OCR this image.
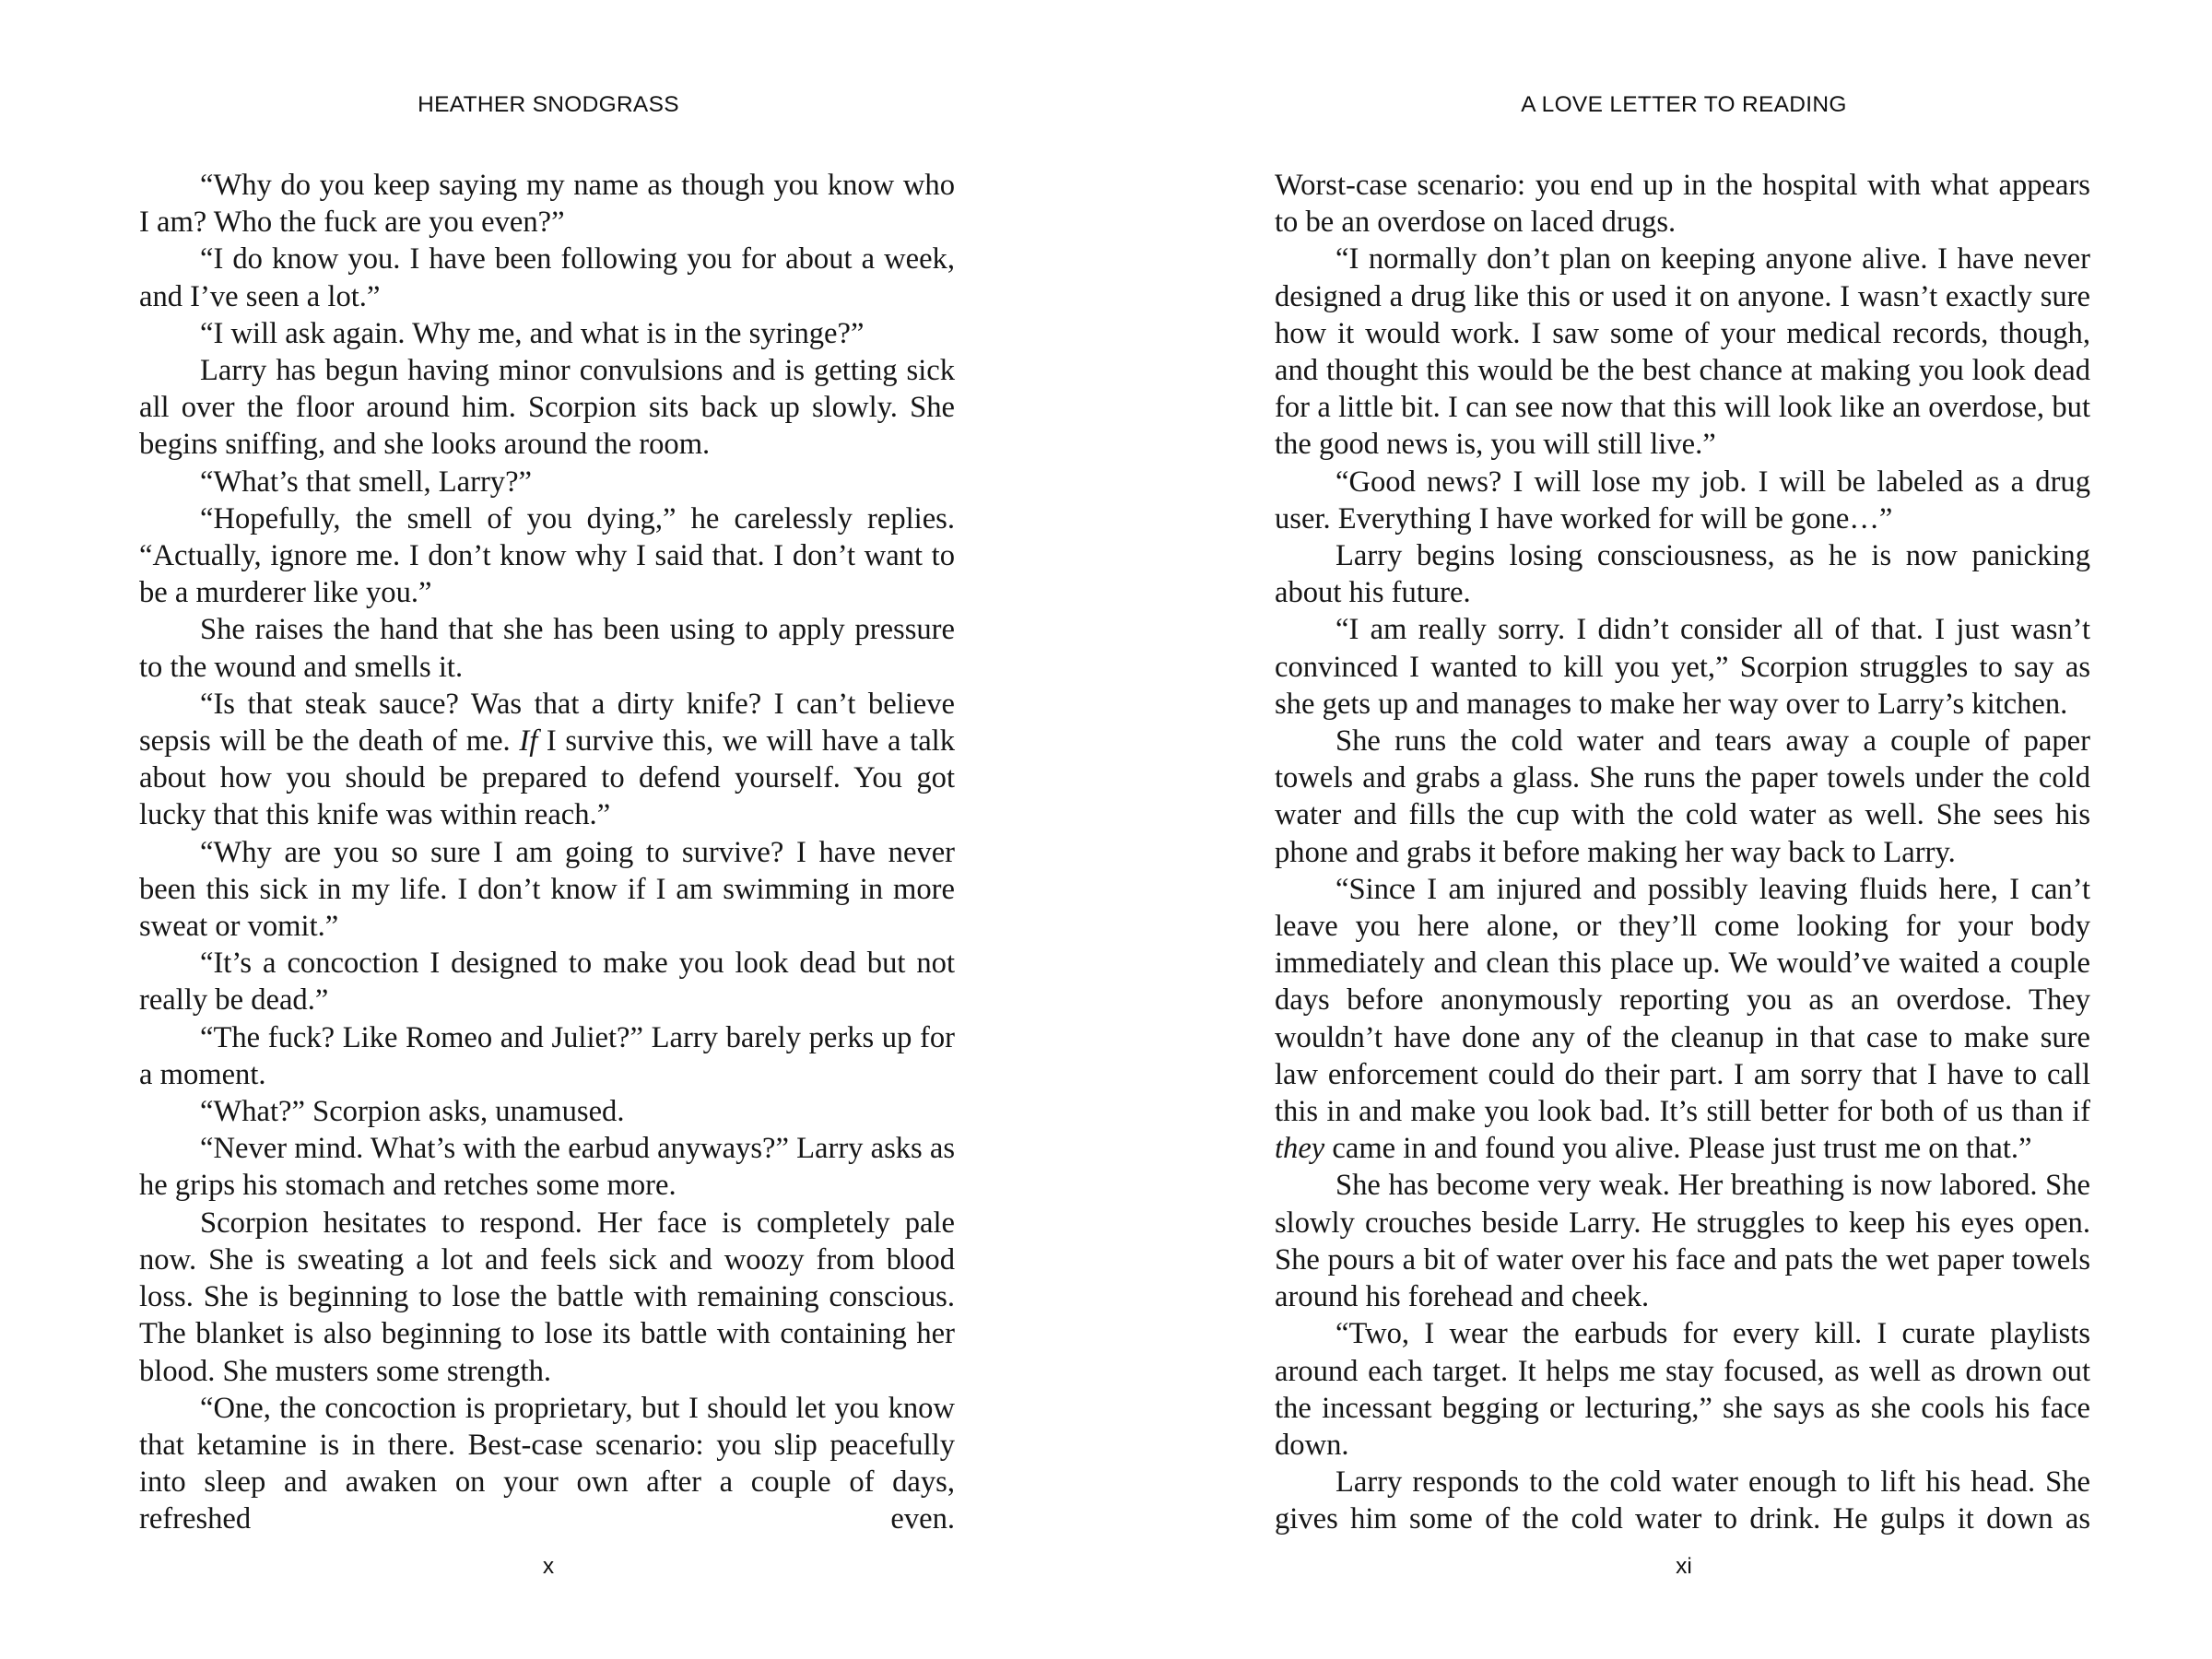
HEATHER SNODGRASS

“Why do you keep saying my name as though you know who I am? Who the fuck are you even?”

“I do know you. I have been following you for about a week, and I’ve seen a lot.”

“I will ask again. Why me, and what is in the syringe?”

Larry has begun having minor convulsions and is getting sick all over the floor around him. Scorpion sits back up slowly. She begins sniffing, and she looks around the room.

“What’s that smell, Larry?”

“Hopefully, the smell of you dying,” he carelessly replies. “Actually, ignore me. I don’t know why I said that. I don’t want to be a murderer like you.”

She raises the hand that she has been using to apply pressure to the wound and smells it.

“Is that steak sauce? Was that a dirty knife? I can’t believe sepsis will be the death of me. If I survive this, we will have a talk about how you should be prepared to defend yourself. You got lucky that this knife was within reach.”

“Why are you so sure I am going to survive? I have never been this sick in my life. I don’t know if I am swimming in more sweat or vomit.”

“It’s a concoction I designed to make you look dead but not really be dead.”

“The fuck? Like Romeo and Juliet?” Larry barely perks up for a moment.

“What?” Scorpion asks, unamused.

“Never mind. What’s with the earbud anyways?” Larry asks as he grips his stomach and retches some more.

Scorpion hesitates to respond. Her face is completely pale now. She is sweating a lot and feels sick and woozy from blood loss. She is beginning to lose the battle with remaining conscious. The blanket is also beginning to lose its battle with containing her blood. She musters some strength.

“One, the concoction is proprietary, but I should let you know that ketamine is in there. Best-case scenario: you slip peacefully into sleep and awaken on your own after a couple of days, refreshed even.

x
A LOVE LETTER TO READING

Worst-case scenario: you end up in the hospital with what appears to be an overdose on laced drugs.

“I normally don’t plan on keeping anyone alive. I have never designed a drug like this or used it on anyone. I wasn’t exactly sure how it would work. I saw some of your medical records, though, and thought this would be the best chance at making you look dead for a little bit. I can see now that this will look like an overdose, but the good news is, you will still live.”

“Good news? I will lose my job. I will be labeled as a drug user. Everything I have worked for will be gone…”

Larry begins losing consciousness, as he is now panicking about his future.

“I am really sorry. I didn’t consider all of that. I just wasn’t convinced I wanted to kill you yet,” Scorpion struggles to say as she gets up and manages to make her way over to Larry’s kitchen.

She runs the cold water and tears away a couple of paper towels and grabs a glass. She runs the paper towels under the cold water and fills the cup with the cold water as well. She sees his phone and grabs it before making her way back to Larry.

“Since I am injured and possibly leaving fluids here, I can’t leave you here alone, or they’ll come looking for your body immediately and clean this place up. We would’ve waited a couple days before anonymously reporting you as an overdose. They wouldn’t have done any of the cleanup in that case to make sure law enforcement could do their part. I am sorry that I have to call this in and make you look bad. It’s still better for both of us than if they came in and found you alive. Please just trust me on that.”

She has become very weak. Her breathing is now labored. She slowly crouches beside Larry. He struggles to keep his eyes open. She pours a bit of water over his face and pats the wet paper towels around his forehead and cheek.

“Two, I wear the earbuds for every kill. I curate playlists around each target. It helps me stay focused, as well as drown out the incessant begging or lecturing,” she says as she cools his face down.

Larry responds to the cold water enough to lift his head. She gives him some of the cold water to drink. He gulps it down as

xi
